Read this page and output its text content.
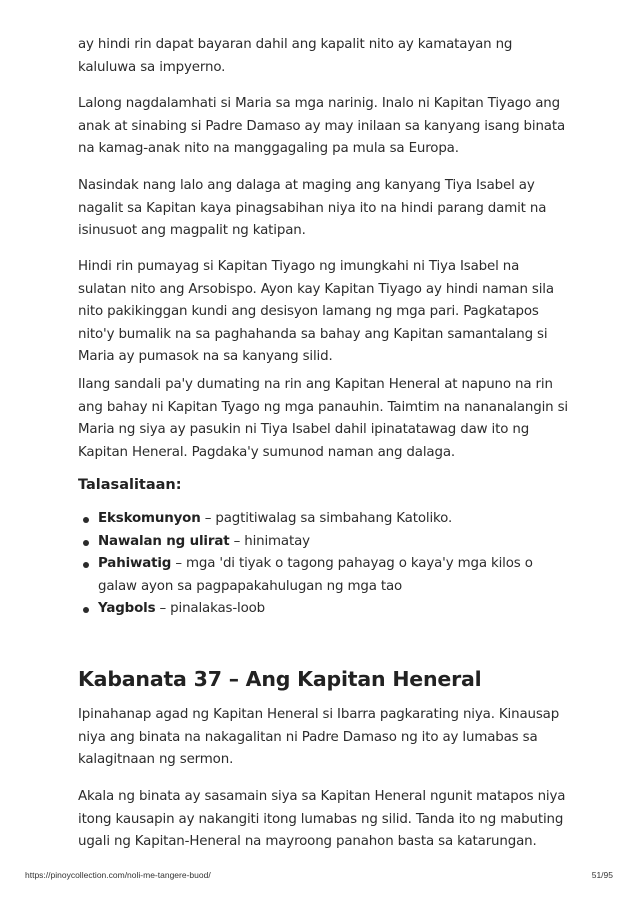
ay hindi rin dapat bayaran dahil ang kapalit nito ay kamatayan ng kaluluwa sa impyerno.

Lalong nagdalamhati si Maria sa mga narinig. Inalo ni Kapitan Tiyago ang anak at sinabing si Padre Damaso ay may inilaan sa kanyang isang binata na kamag-anak nito na manggagaling pa mula sa Europa.

Nasindak nang lalo ang dalaga at maging ang kanyang Tiya Isabel ay nagalit sa Kapitan kaya pinagsabihan niya ito na hindi parang damit na isinusuot ang magpalit ng katipan.

Hindi rin pumayag si Kapitan Tiyago ng imungkahi ni Tiya Isabel na sulatan nito ang Arsobispo. Ayon kay Kapitan Tiyago ay hindi naman sila nito pakikinggan kundi ang desisyon lamang ng mga pari. Pagkatapos nito'y bumalik na sa paghahanda sa bahay ang Kapitan samantalang si Maria ay pumasok na sa kanyang silid.

Ilang sandali pa'y dumating na rin ang Kapitan Heneral at napuno na rin ang bahay ni Kapitan Tyago ng mga panauhin. Taimtim na nananalangin si Maria ng siya ay pasukin ni Tiya Isabel dahil ipinatatawag daw ito ng Kapitan Heneral. Pagdaka'y sumunod naman ang dalaga.

Talasalitaan:
Ekskomunyon – pagtitiwalag sa simbahang Katoliko.
Nawalan ng ulirat – hinimatay
Pahiwatig – mga 'di tiyak o tagong pahayag o kaya'y mga kilos o galaw ayon sa pagpapakahulugan ng mga tao
Yagbols – pinalakas-loob
Kabanata 37 – Ang Kapitan Heneral

Ipinahanap agad ng Kapitan Heneral si Ibarra pagkarating niya. Kinausap niya ang binata na nakagalitan ni Padre Damaso ng ito ay lumabas sa kalagitnaan ng sermon.

Akala ng binata ay sasamain siya sa Kapitan Heneral ngunit matapos niya itong kausapin ay nakangiti itong lumabas ng silid. Tanda ito ng mabuting ugali ng Kapitan-Heneral na mayroong panahon basta sa katarungan.

https://pinoycollection.com/noli-me-tangere-buod/	51/95
